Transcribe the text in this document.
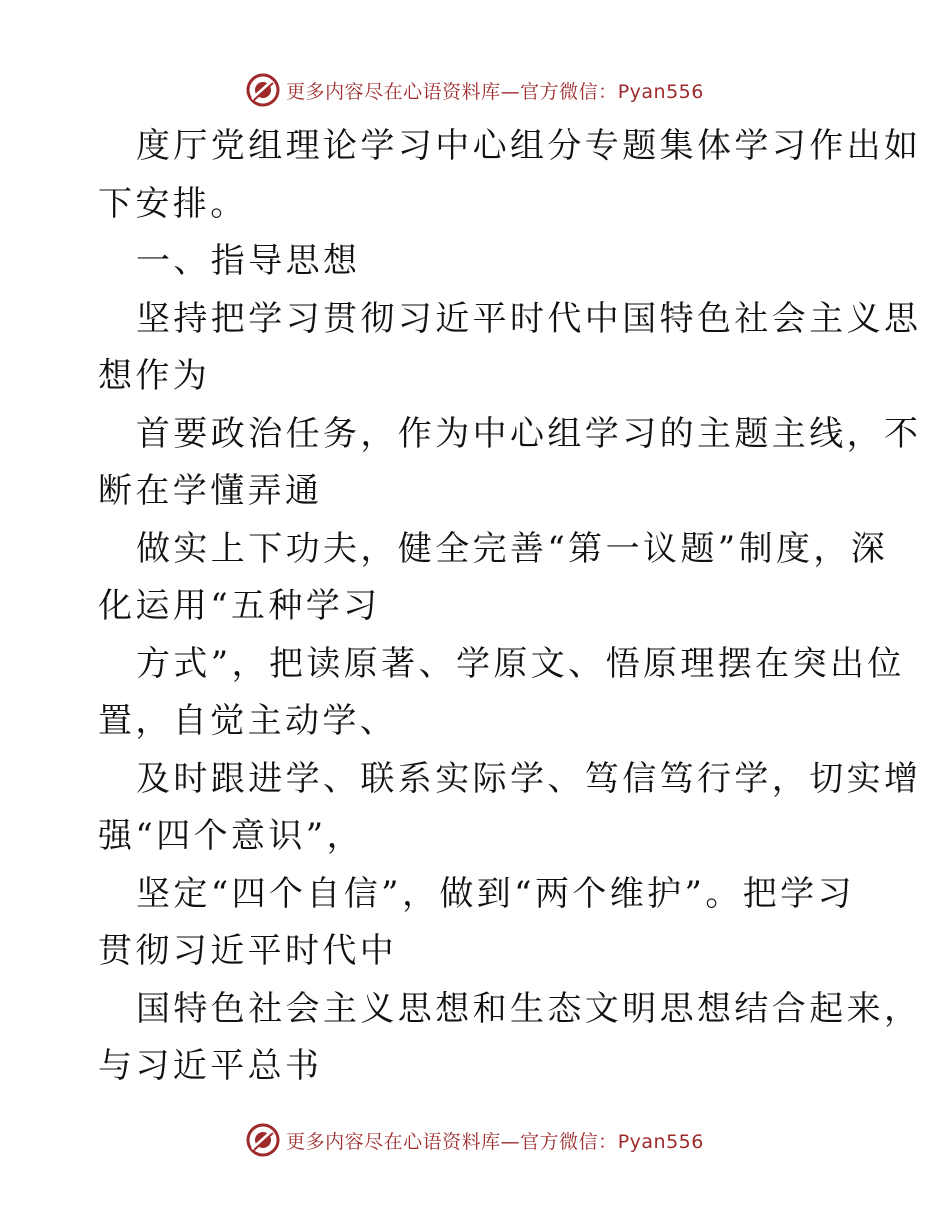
更多内容尽在心语资料库—官方微信：Pyan556
度厅党组理论学习中心组分专题集体学习作出如
下安排。
一、指导思想
坚持把学习贯彻习近平时代中国特色社会主义思
想作为
首要政治任务，作为中心组学习的主题主线，不
断在学懂弄通
做实上下功夫，健全完善“第一议题”制度，深
化运用“五种学习
方式”，把读原著、学原文、悟原理摆在突出位
置，自觉主动学、
及时跟进学、联系实际学、笃信笃行学，切实增
强“四个意识”，
坚定“四个自信”，做到“两个维护”。把学习
贯彻习近平时代中
国特色社会主义思想和生态文明思想结合起来，
与习近平总书
更多内容尽在心语资料库—官方微信：Pyan556
